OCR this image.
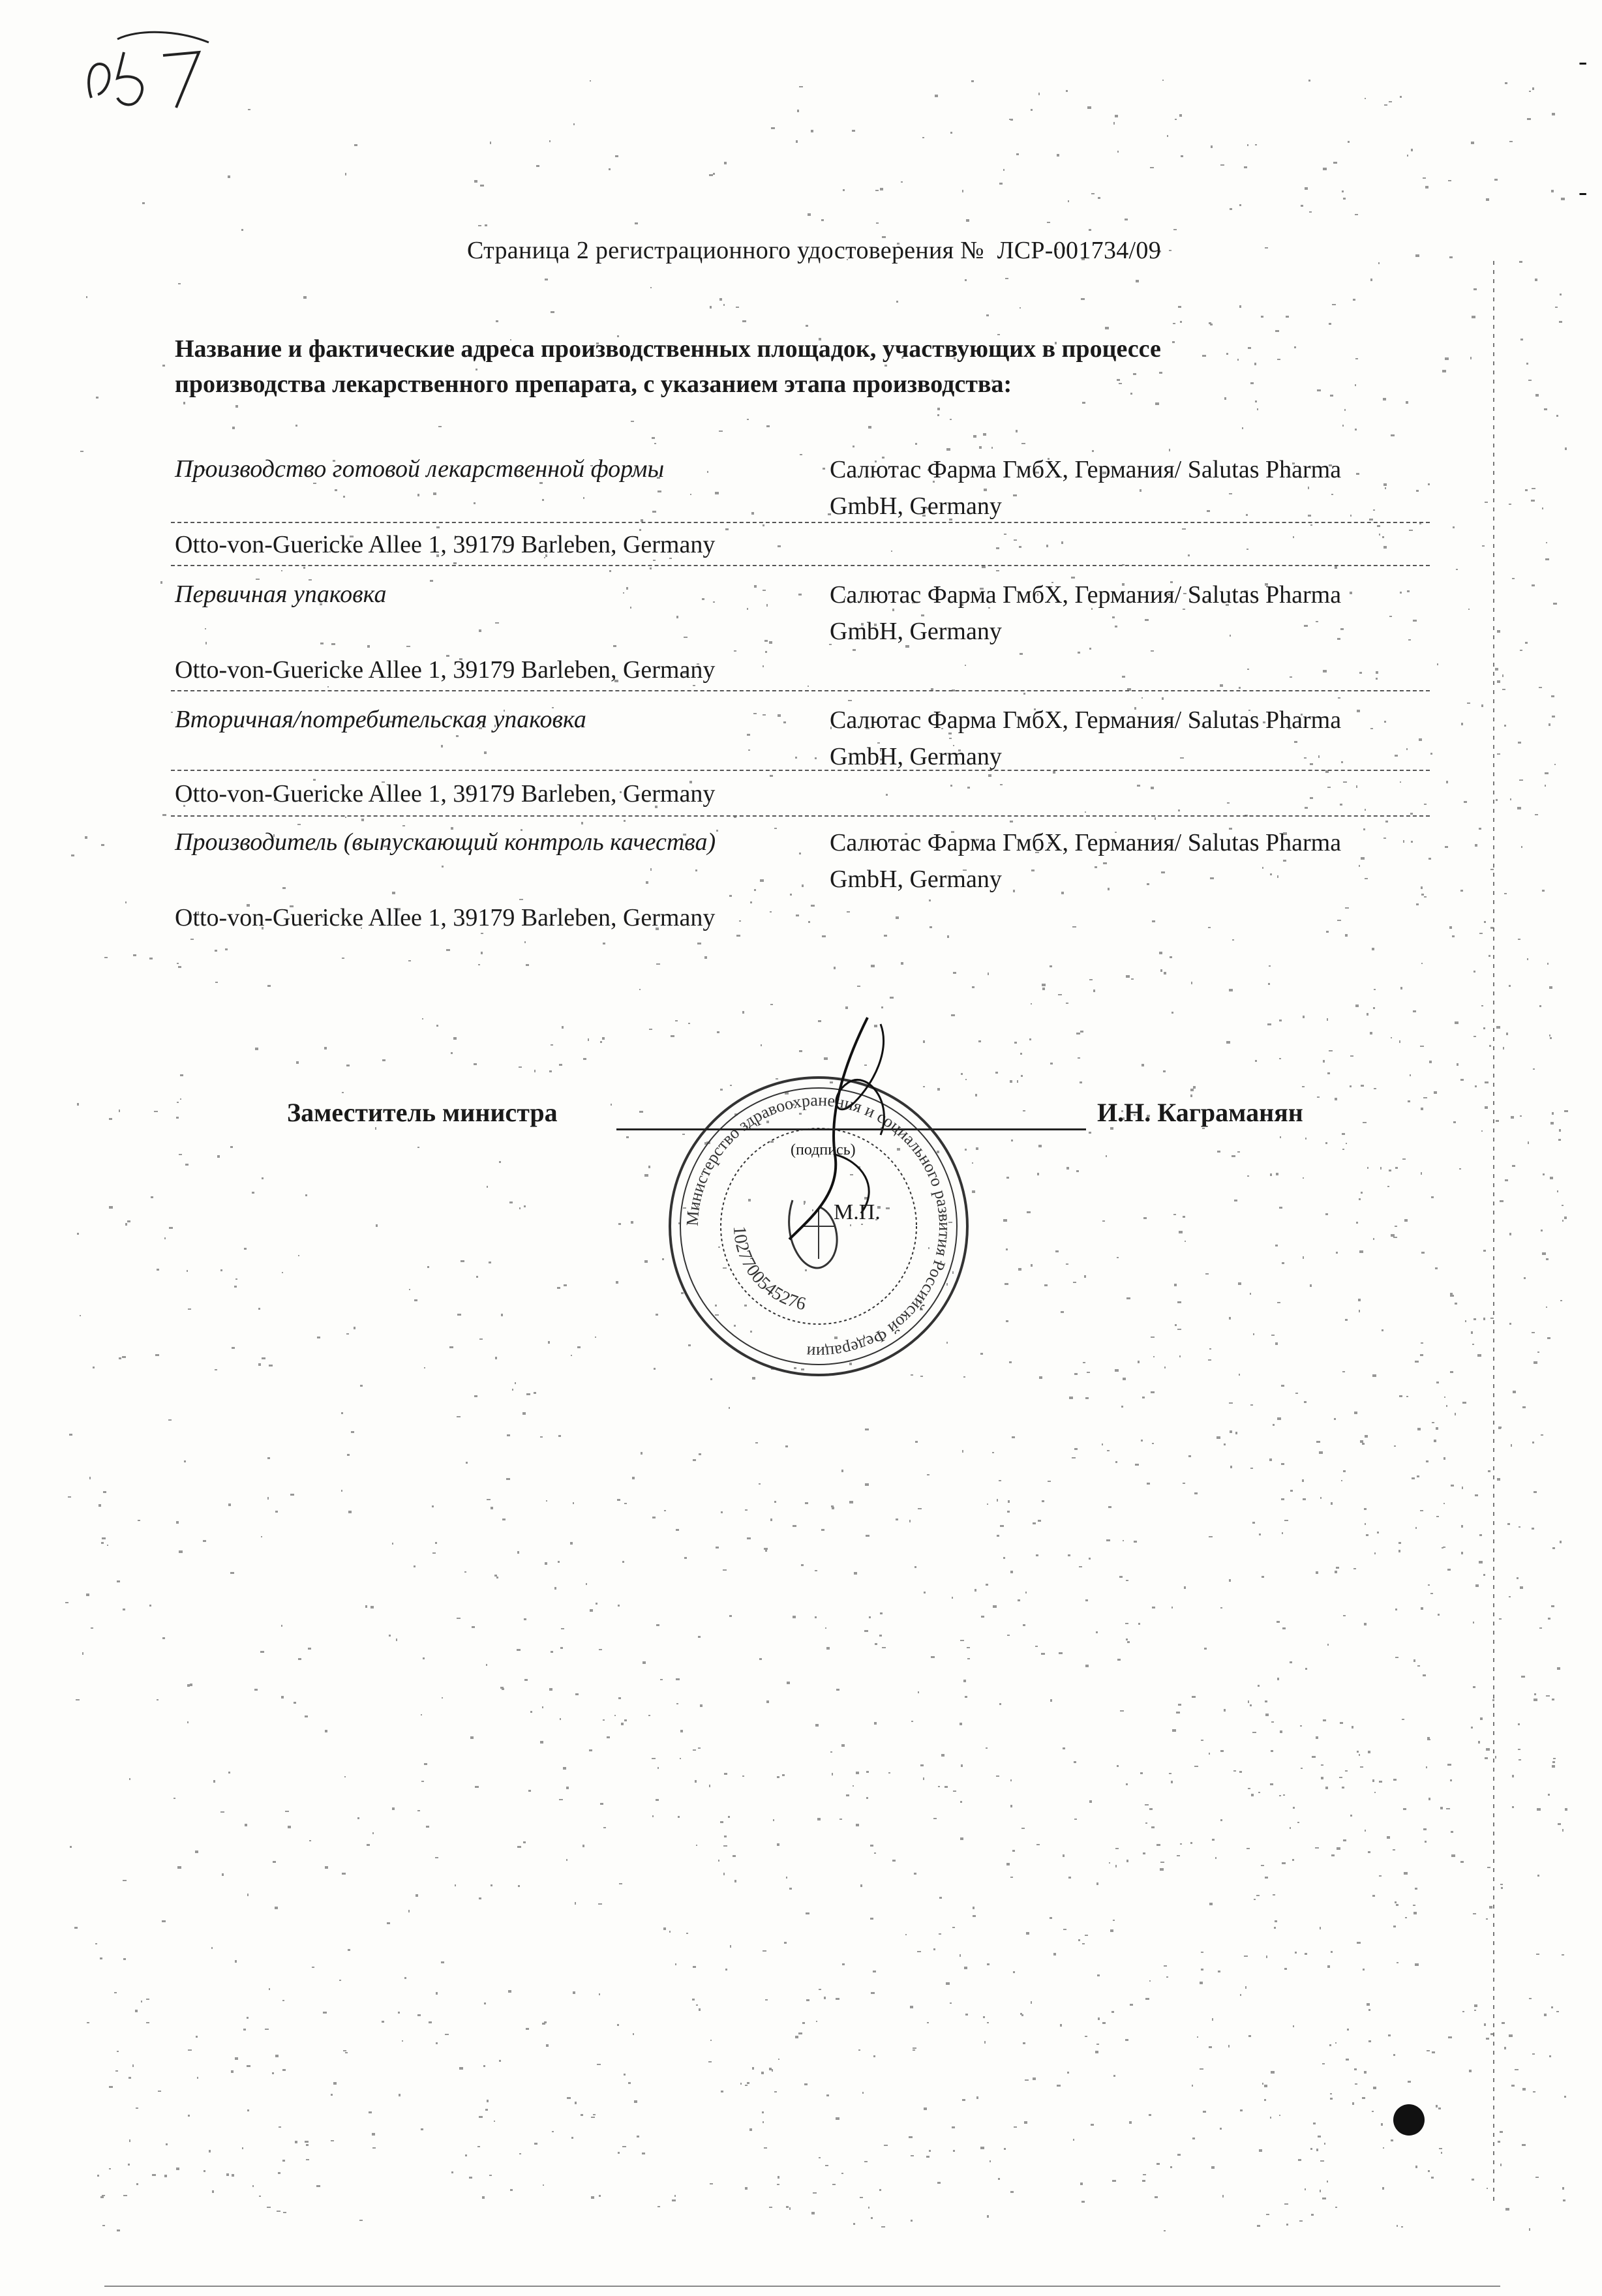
Страница 2 регистрационного удостоверения № ЛСР-001734/09
Название и фактические адреса производственных площадок, участвующих в процессе
производства лекарственного препарата, с указанием этапа производства:
Производство готовой лекарственной формы	Салютас Фарма ГмбХ, Германия/ Salutas Pharma
GmbH, Germany
Otto-von-Guericke Allee 1, 39179 Barleben, Germany
Первичная упаковка	Салютас Фарма ГмбХ, Германия/ Salutas Pharma
GmbH, Germany
Otto-von-Guericke Allee 1, 39179 Barleben, Germany
Вторичная/потребительская упаковка	Салютас Фарма ГмбХ, Германия/ Salutas Pharma
GmbH, Germany
Otto-von-Guericke Allee 1, 39179 Barleben, Germany
Производитель (выпускающий контроль качества)	Салютас Фарма ГмбХ, Германия/ Salutas Pharma
GmbH, Germany
Otto-von-Guericke Allee 1, 39179 Barleben, Germany
Министерство здравоохранения и социального развития Российской Федерации
1027700545276
Заместитель министра
(подпись)
И.Н. Каграманян
М.П.
-
-
